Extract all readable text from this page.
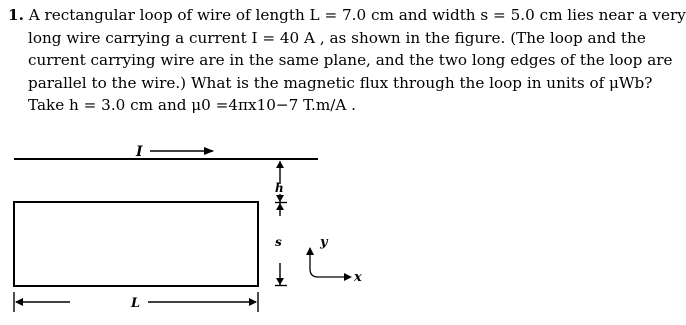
1. A rectangular loop of wire of length L = 7.0 cm and width s = 5.0 cm lies near a very
long wire carrying a current I = 40 A , as shown in the figure. (The loop and the
current carrying wire are in the same plane, and the two long edges of the loop are
parallel to the wire.) What is the magnetic flux through the loop in units of μWb?
Take h = 3.0 cm and μ0 =4πx10−7 T.m/A .
I
h
s	y
x
L
